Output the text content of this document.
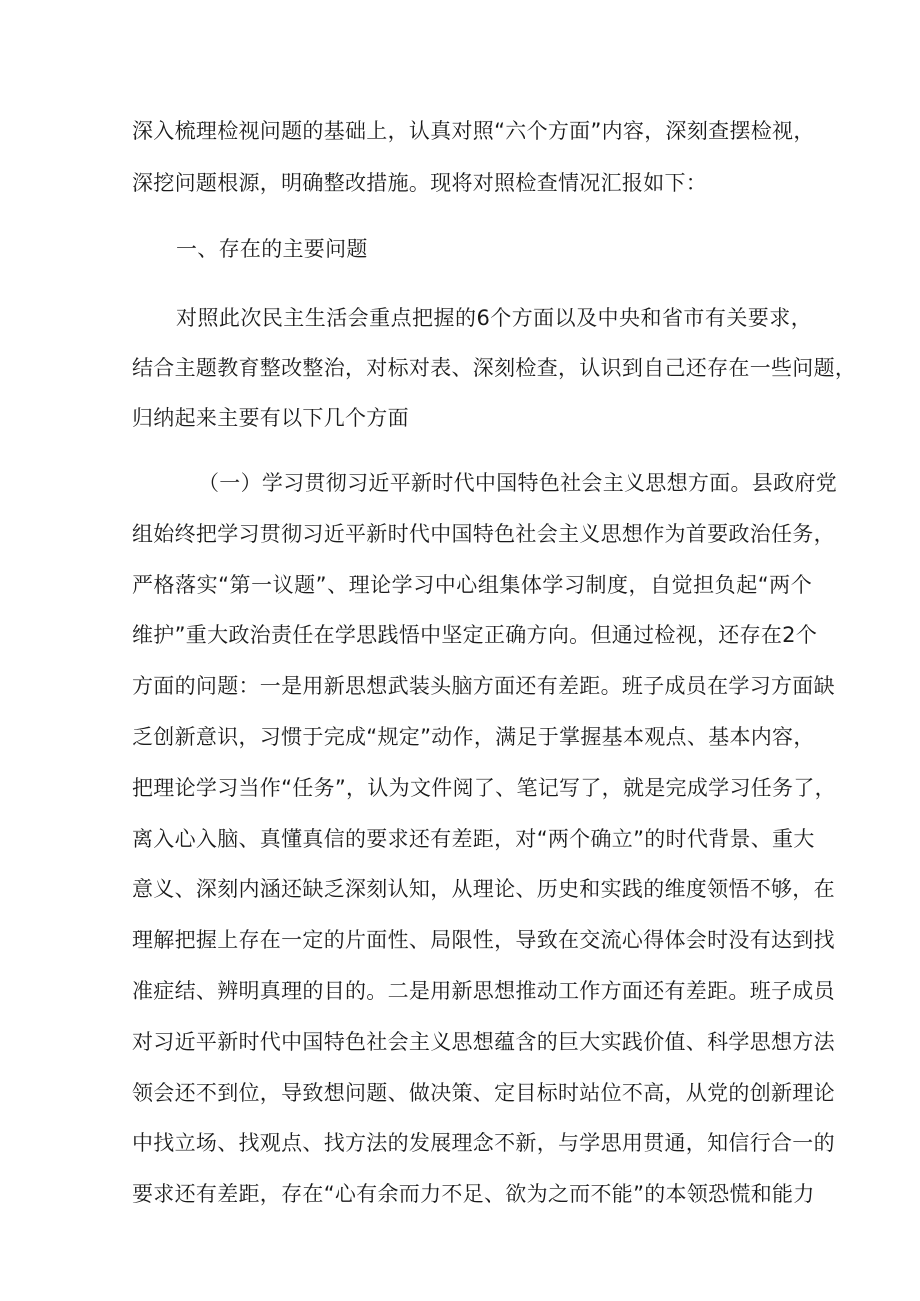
深入梳理检视问题的基础上，认真对照“六个方面”内容，深刻查摆检视，
深挖问题根源，明确整改措施。现将对照检查情况汇报如下：
一、存在的主要问题
对照此次民主生活会重点把握的6个方面以及中央和省市有关要求，
结合主题教育整改整治，对标对表、深刻检查，认识到自己还存在一些问题，
归纳起来主要有以下几个方面
（一）学习贯彻习近平新时代中国特色社会主义思想方面。县政府党
组始终把学习贯彻习近平新时代中国特色社会主义思想作为首要政治任务，
严格落实“第一议题”、理论学习中心组集体学习制度，自觉担负起“两个
维护”重大政治责任在学思践悟中坚定正确方向。但通过检视，还存在2个
方面的问题：一是用新思想武装头脑方面还有差距。班子成员在学习方面缺
乏创新意识，习惯于完成“规定”动作，满足于掌握基本观点、基本内容，
把理论学习当作“任务”，认为文件阅了、笔记写了，就是完成学习任务了，
离入心入脑、真懂真信的要求还有差距，对“两个确立”的时代背景、重大
意义、深刻内涵还缺乏深刻认知，从理论、历史和实践的维度领悟不够，在
理解把握上存在一定的片面性、局限性，导致在交流心得体会时没有达到找
准症结、辨明真理的目的。二是用新思想推动工作方面还有差距。班子成员
对习近平新时代中国特色社会主义思想蕴含的巨大实践价值、科学思想方法
领会还不到位，导致想问题、做决策、定目标时站位不高，从党的创新理论
中找立场、找观点、找方法的发展理念不新，与学思用贯通，知信行合一的
要求还有差距，存在“心有余而力不足、欲为之而不能”的本领恐慌和能力
